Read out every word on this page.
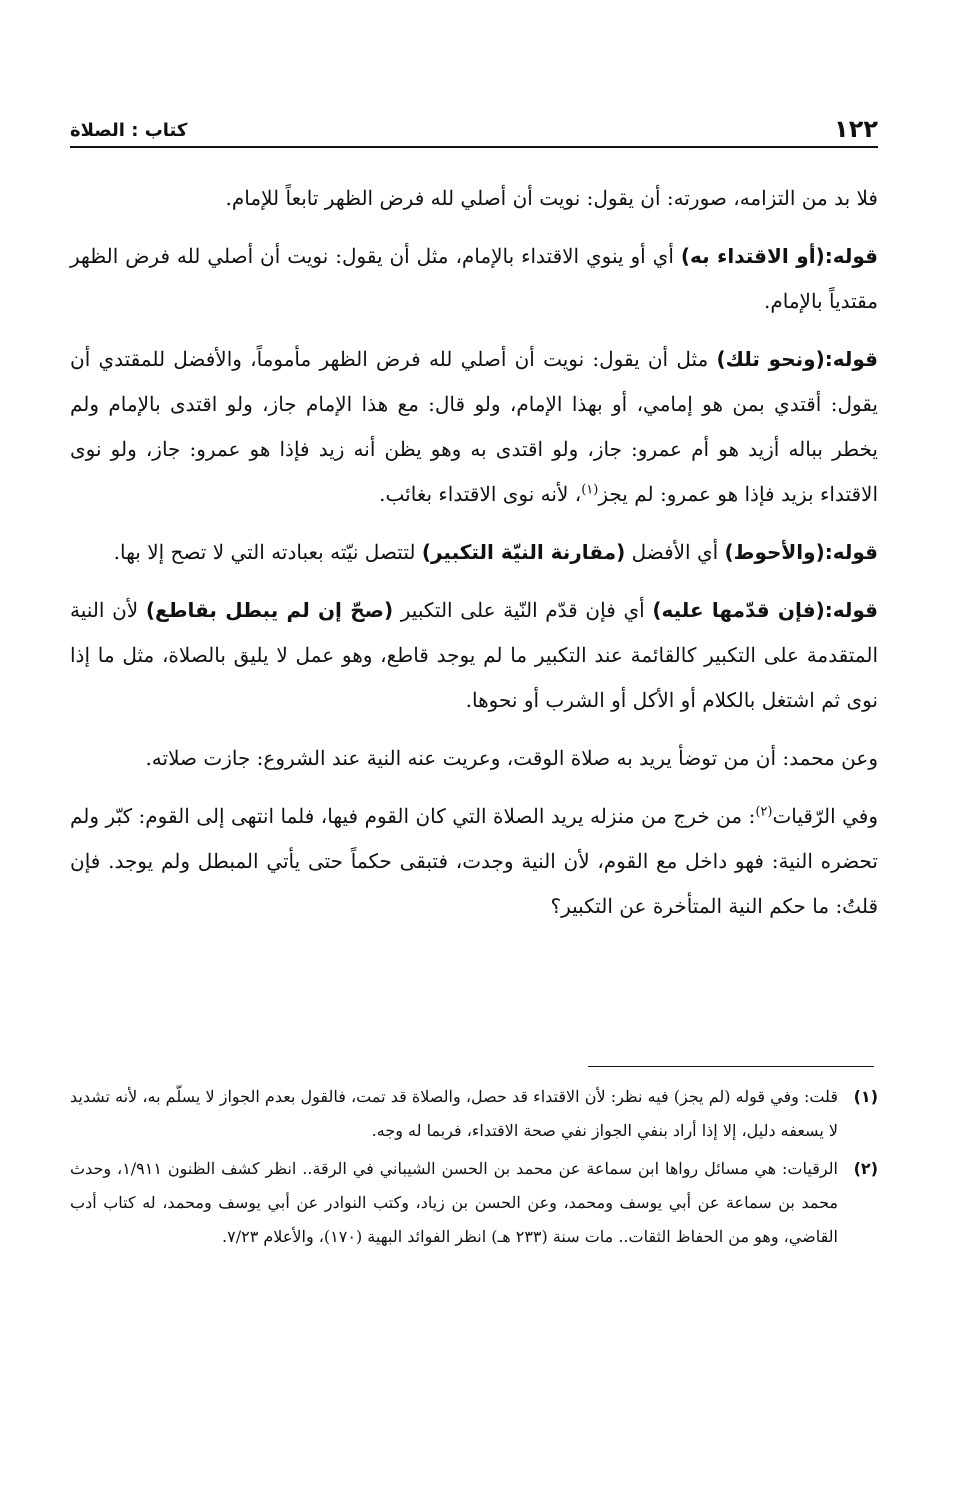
١٢٢
كتاب : الصلاة

فلا بد من التزامه، صورته: أن يقول: نويت أن أصلي لله فرض الظهر تابعاً للإمام.

قوله:(أو الاقتداء به) أي أو ينوي الاقتداء بالإمام، مثل أن يقول: نويت أن أصلي لله فرض الظهر مقتدياً بالإمام.

قوله:(ونحو تلك) مثل أن يقول: نويت أن أصلي لله فرض الظهر مأموماً، والأفضل للمقتدي أن يقول: أقتدي بمن هو إمامي، أو بهذا الإمام، ولو قال: مع هذا الإمام جاز، ولو اقتدى بالإمام ولم يخطر بباله أزيد هو أم عمرو: جاز، ولو اقتدى به وهو يظن أنه زيد فإذا هو عمرو: جاز، ولو نوى الاقتداء بزيد فإذا هو عمرو: لم يجز$^{(١)}$، لأنه نوى الاقتداء بغائب.

قوله:(والأحوط) أي الأفضل (مقارنة النيّة التكبير) لتتصل نيّته بعبادته التي لا تصح إلا بها.

قوله:(فإن قدّمها عليه) أي فإن قدّم النّية على التكبير (صحّ إن لم يبطل بقاطع) لأن النية المتقدمة على التكبير كالقائمة عند التكبير ما لم يوجد قاطع، وهو عمل لا يليق بالصلاة، مثل ما إذا نوى ثم اشتغل بالكلام أو الأكل أو الشرب أو نحوها.

وعن محمد: أن من توضأ يريد به صلاة الوقت، وعريت عنه النية عند الشروع: جازت صلاته.

وفي الرّقيات$^{(٢)}$: من خرج من منزله يريد الصلاة التي كان القوم فيها، فلما انتهى إلى القوم: كبّر ولم تحضره النية: فهو داخل مع القوم، لأن النية وجدت، فتبقى حكماً حتى يأتي المبطل ولم يوجد. فإن قلتُ: ما حكم النية المتأخرة عن التكبير؟

(١)
قلت: وفي قوله (لم يجز) فيه نظر: لأن الاقتداء قد حصل، والصلاة قد تمت، فالقول بعدم الجواز لا يسلّم به، لأنه تشديد لا يسعفه دليل، إلا إذا أراد بنفي الجواز نفي صحة الاقتداء، فربما له وجه.
(٢)
الرقيات: هي مسائل رواها ابن سماعة عن محمد بن الحسن الشيباني في الرقة.. انظر كشف الظنون ١/٩١١، وحدث محمد بن سماعة عن أبي يوسف ومحمد، وعن الحسن بن زياد، وكتب النوادر عن أبي يوسف ومحمد، له كتاب أدب القاضي، وهو من الحفاظ الثقات.. مات سنة (٢٣٣ هـ) انظر الفوائد البهية (١٧٠)، والأعلام ٧/٢٣.
